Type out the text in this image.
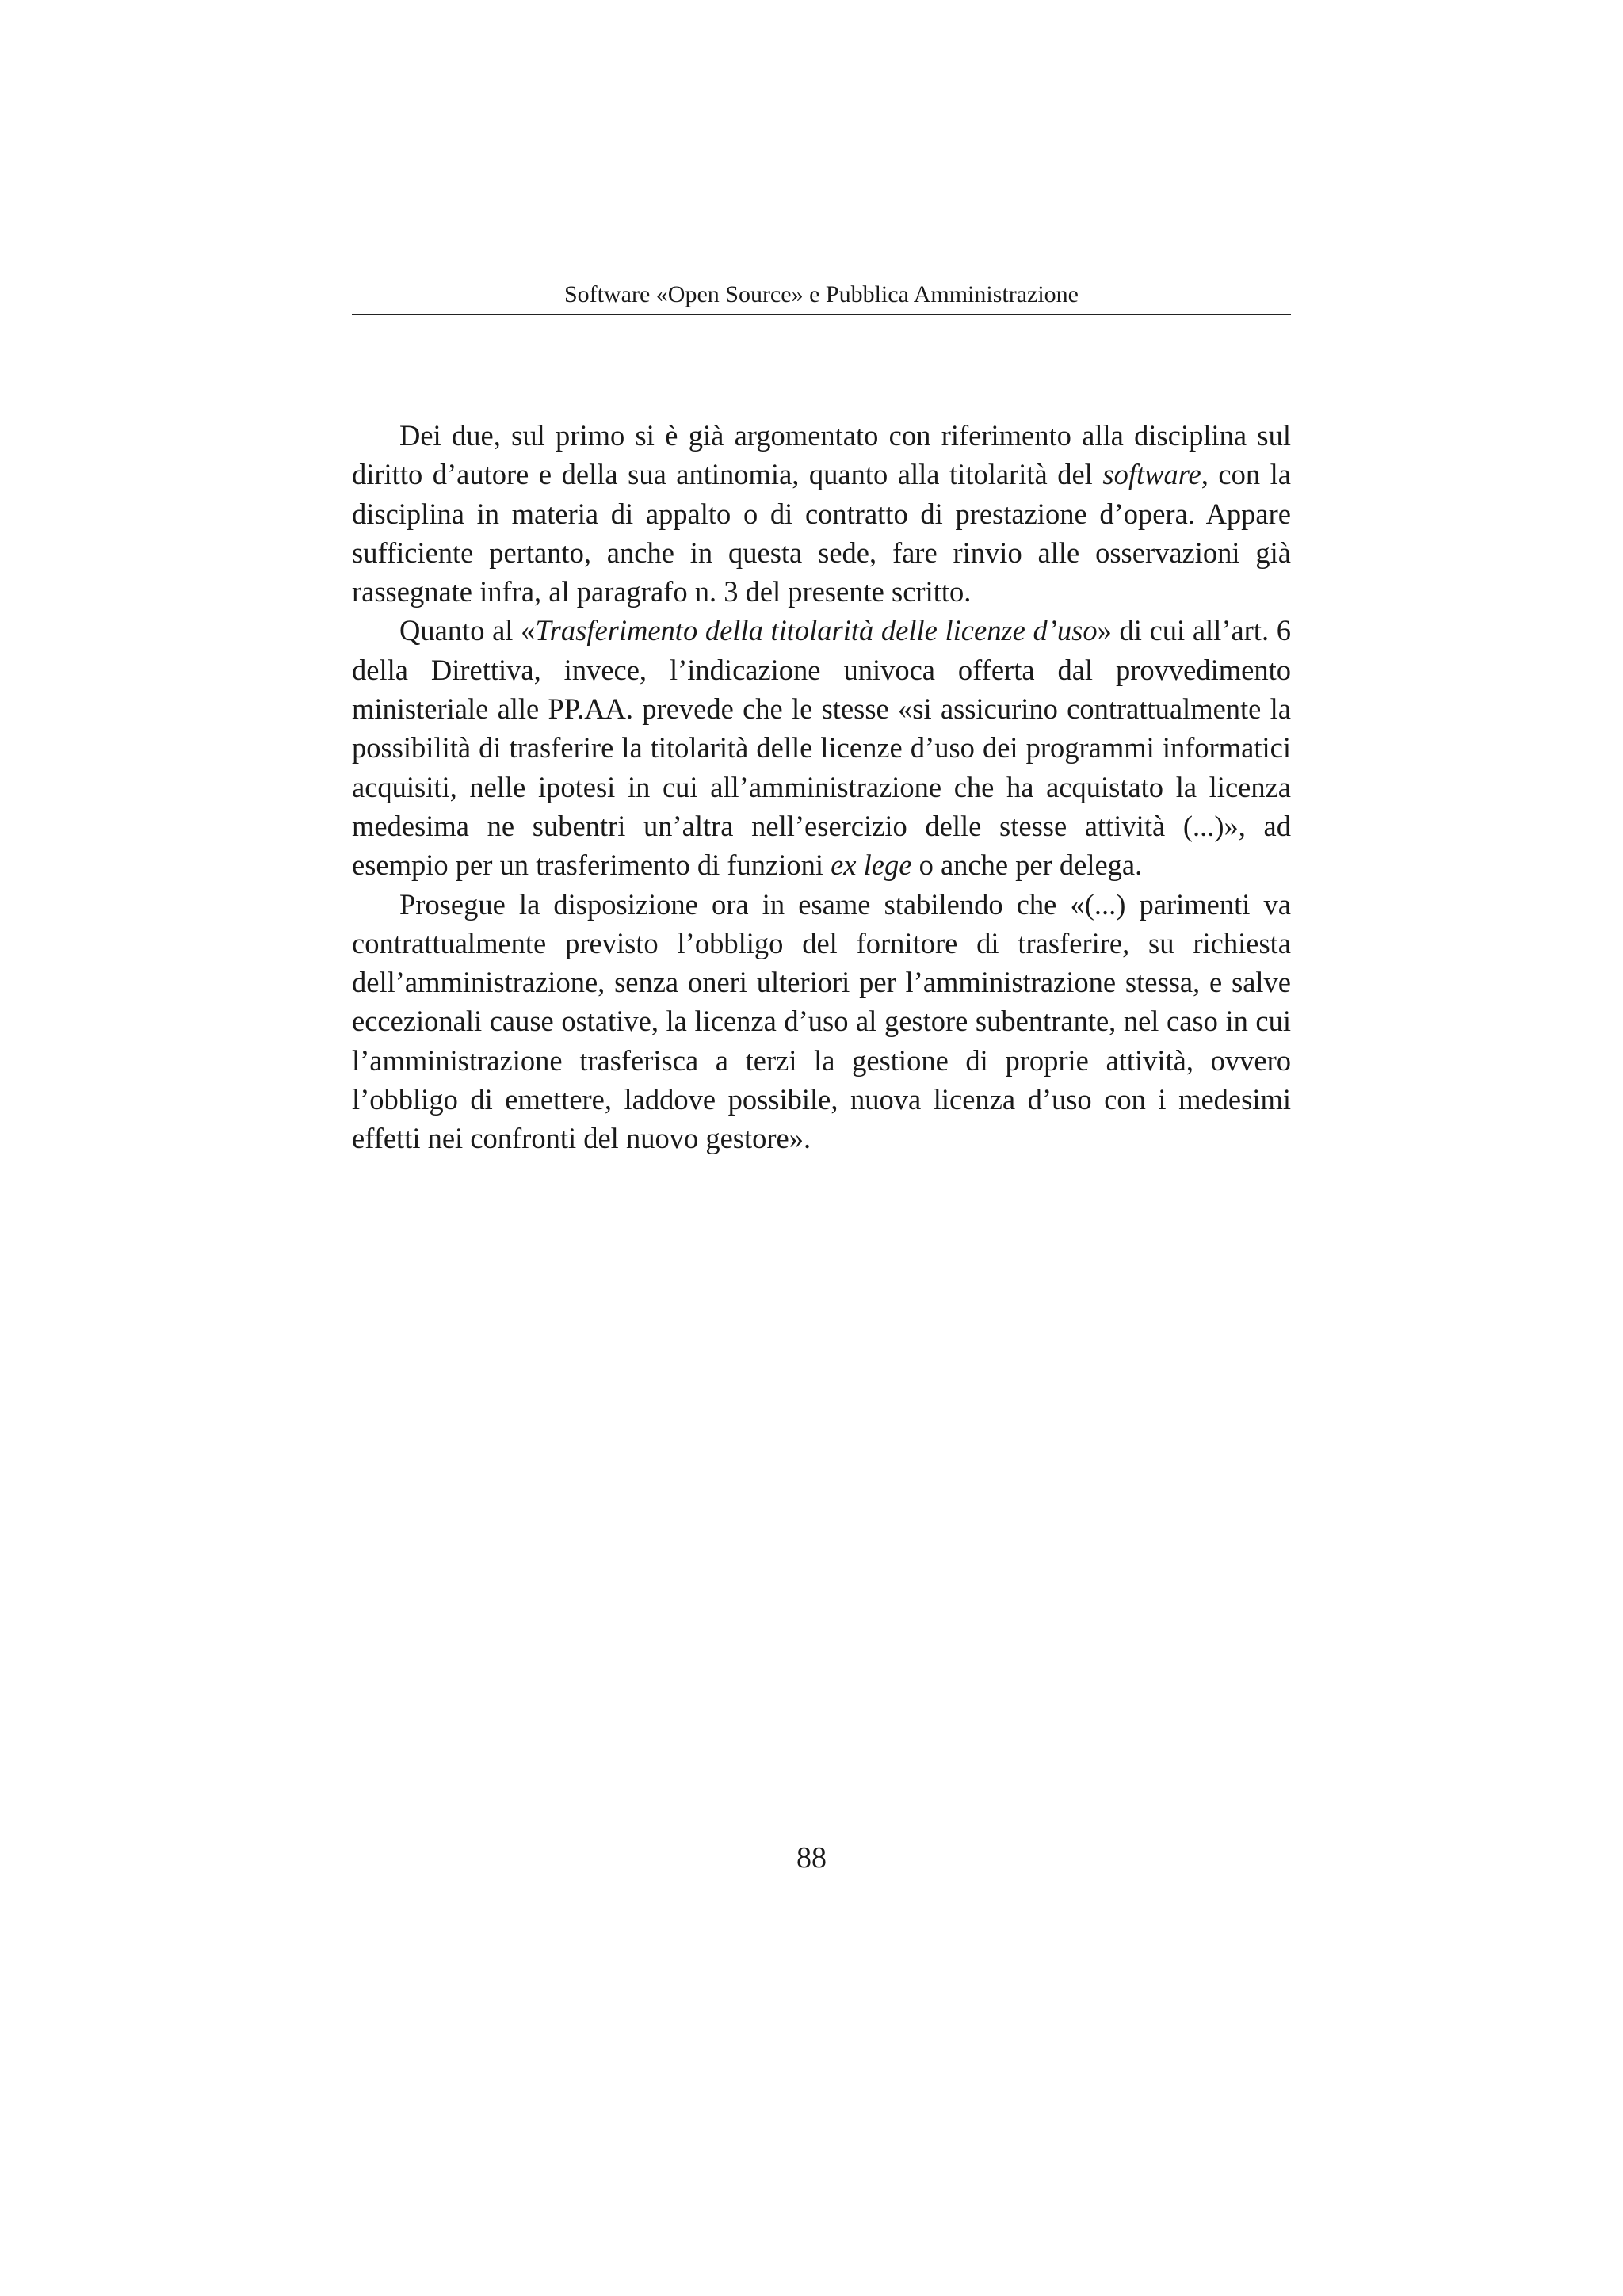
Software «Open Source» e Pubblica Amministrazione

Dei due, sul primo si è già argomentato con riferimento alla disciplina sul diritto d’autore e della sua antinomia, quanto alla titolarità del software, con la disciplina in materia di appalto o di contratto di prestazione d’opera. Appare sufficiente pertanto, anche in questa sede, fare rinvio alle osservazioni già rassegnate infra, al paragrafo n. 3 del presente scritto.

Quanto al «Trasferimento della titolarità delle licenze d’uso» di cui all’art. 6 della Direttiva, invece, l’indicazione univoca offerta dal provvedimento ministeriale alle PP.AA. prevede che le stesse «si assicurino contrattualmente la possibilità di trasferire la titolarità delle licenze d’uso dei programmi informatici acquisiti, nelle ipotesi in cui all’amministrazione che ha acquistato la licenza medesima ne subentri un’altra nell’esercizio delle stesse attività (...)», ad esempio per un trasferimento di funzioni ex lege o anche per delega.

Prosegue la disposizione ora in esame stabilendo che «(...) parimenti va contrattualmente previsto l’obbligo del fornitore di trasferire, su richiesta dell’amministrazione, senza oneri ulteriori per l’amministrazione stessa, e salve eccezionali cause ostative, la licenza d’uso al gestore subentrante, nel caso in cui l’amministrazione trasferisca a terzi la gestione di proprie attività, ovvero l’obbligo di emettere, laddove possibile, nuova licenza d’uso con i medesimi effetti nei confronti del nuovo gestore».

88
